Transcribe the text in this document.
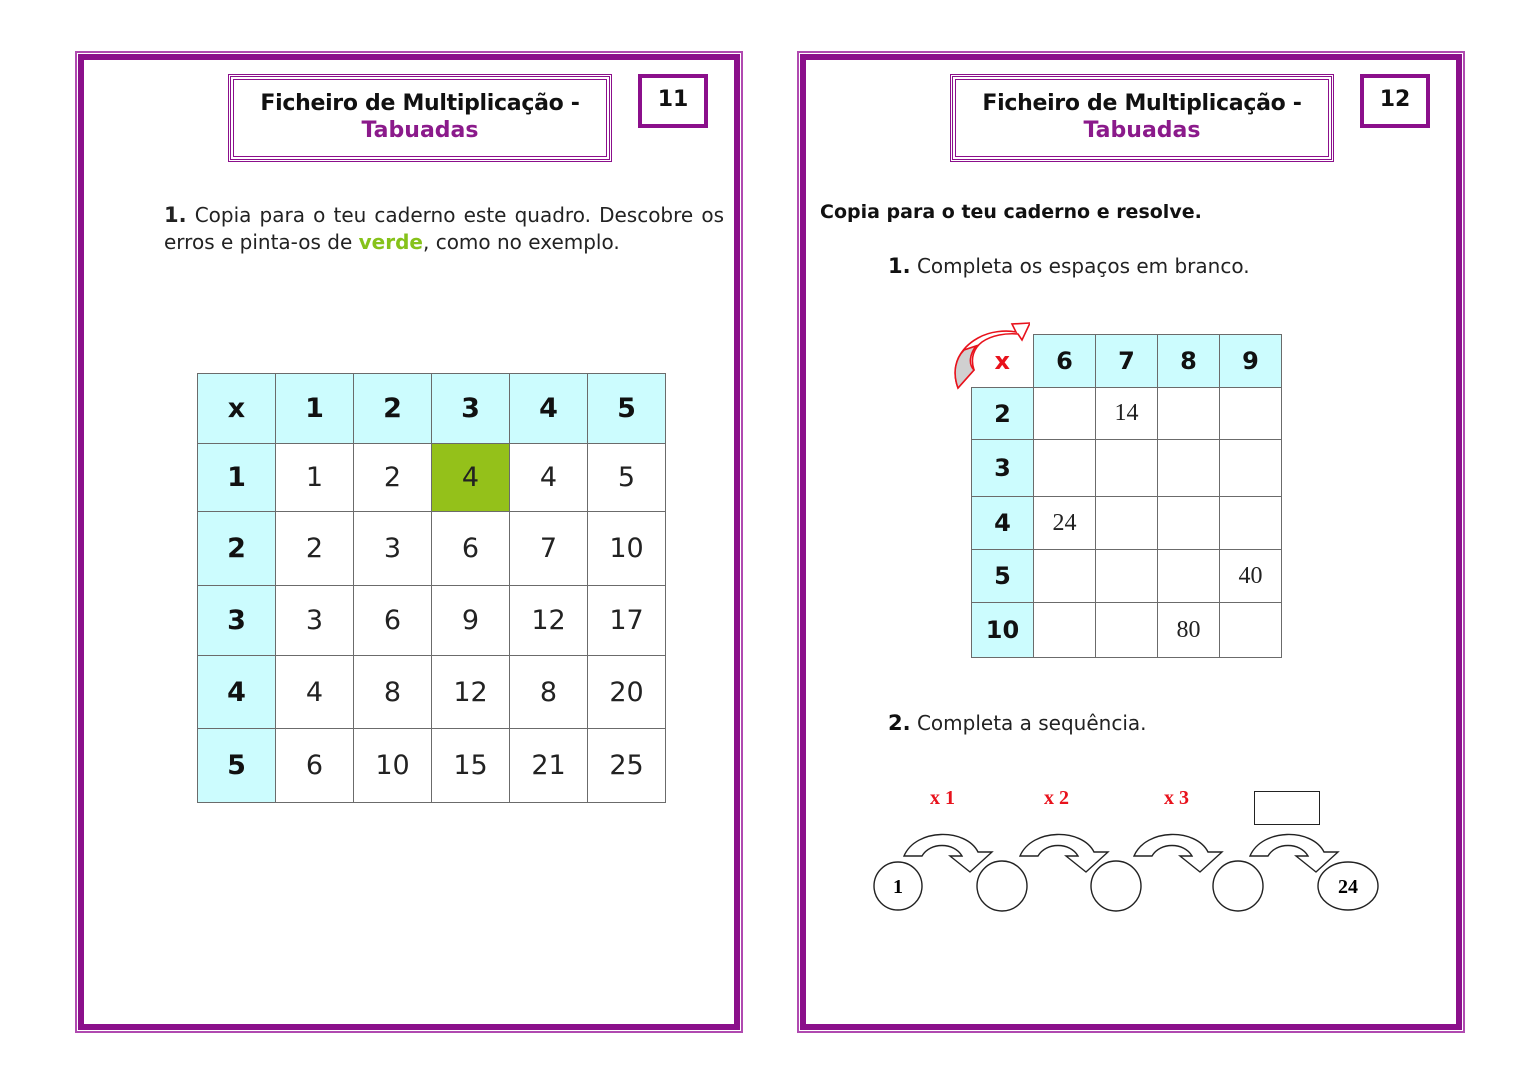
Ficheiro de Multiplicação -
Tabuadas
11
1. Copia para o teu caderno este quadro. Descobre os erros e pinta-os de verde, como no exemplo.
x	1	2	3	4	5
1	1	2	4	4	5
2	2	3	6	7	10
3	3	6	9	12	17
4	4	8	12	8	20
5	6	10	15	21	25
Ficheiro de Multiplicação -
Tabuadas
12
Copia para o teu caderno e resolve.
1. Completa os espaços em branco.
x	6	7	8	9
2		14		
3				
4	24			
5				40
10			80	
2. Completa a sequência.
x 1	x 2	x 3
1	24
